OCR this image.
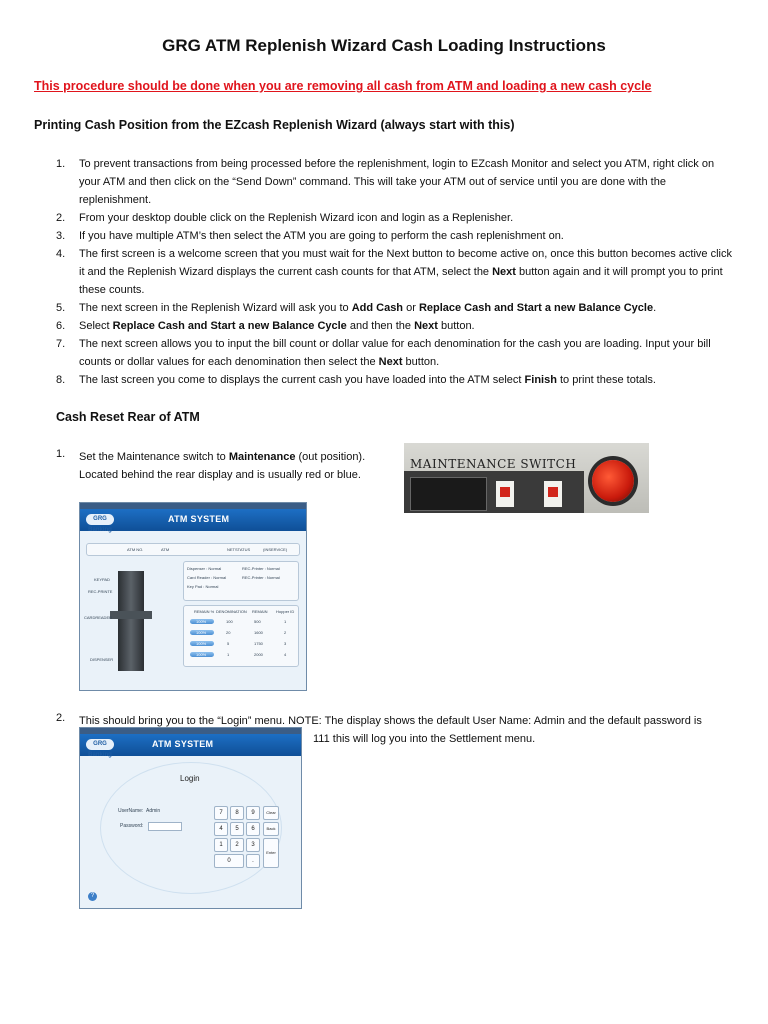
GRG ATM Replenish Wizard Cash Loading Instructions
This procedure should be done when you are removing all cash from ATM and loading a new cash cycle
Printing Cash Position from the EZcash Replenish Wizard (always start with this)
1. To prevent transactions from being processed before the replenishment, login to EZcash Monitor and select you ATM, right click on your ATM and then click on the “Send Down” command. This will take your ATM out of service until you are done with the replenishment.
2. From your desktop double click on the Replenish Wizard icon and login as a Replenisher.
3. If you have multiple ATM’s then select the ATM you are going to perform the cash replenishment on.
4. The first screen is a welcome screen that you must wait for the Next button to become active on, once this button becomes active click it and the Replenish Wizard displays the current cash counts for that ATM, select the Next button again and it will prompt you to print these counts.
5. The next screen in the Replenish Wizard will ask you to Add Cash or Replace Cash and Start a new Balance Cycle.
6. Select Replace Cash and Start a new Balance Cycle and then the Next button.
7. The next screen allows you to input the bill count or dollar value for each denomination for the cash you are loading. Input your bill counts or dollar values for each denomination then select the Next button.
8. The last screen you come to displays the current cash you have loaded into the ATM select Finish to print these totals.
Cash Reset Rear of ATM
1. Set the Maintenance switch to Maintenance (out position).
Located behind the rear display and is usually red or blue.
MAINTENANCE SWITCH
GRG Banking
ATM SYSTEM
ATM NO.	ATM	NETSTATUS	(INSERVICE)
KEYPAD
REC-PRINTE
CARDREADER
DISPENSER
Dispenser : Normal	REC-Printer : Normal
Card Reader : Normal	REC-Printer : Normal
Key Pad : Normal
REMAIN % DENOMINATION REMAIN Hopper ID
100%	100	500	1
100%	20	1600	2
100%	5	1750	3
100%	1	2000	4
2. This should bring you to the “Login” menu. NOTE: The display shows the default User Name: Admin and the default password is
111 this will log you into the Settlement menu.
GRG Banking
ATM SYSTEM
Login
UserName: Admin
Password:
7	8	9	Clear
4	5	6	Back
1	2	3
Enter
0	.
?
